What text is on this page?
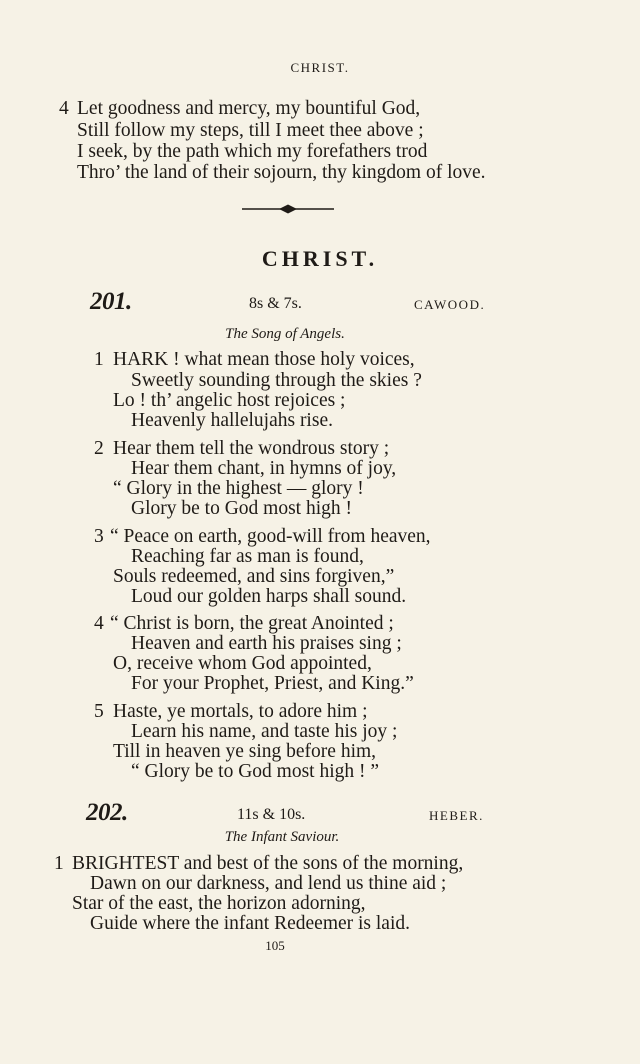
CHRIST.
4 Let goodness and mercy, my bountiful God,
Still follow my steps, till I meet thee above ;
I seek, by the path which my forefathers trod
Thro’ the land of their sojourn, thy kingdom of love.
CHRIST.
201.	8s & 7s.	CAWOOD.
The Song of Angels.
1 HARK ! what mean those holy voices,
Sweetly sounding through the skies ?
Lo ! th’ angelic host rejoices ;
Heavenly hallelujahs rise.
2 Hear them tell the wondrous story ;
Hear them chant, in hymns of joy,
“ Glory in the highest — glory !
Glory be to God most high !
3 “ Peace on earth, good-will from heaven,
Reaching far as man is found,
Souls redeemed, and sins forgiven,”
Loud our golden harps shall sound.
4 “ Christ is born, the great Anointed ;
Heaven and earth his praises sing ;
O, receive whom God appointed,
For your Prophet, Priest, and King.”
5 Haste, ye mortals, to adore him ;
Learn his name, and taste his joy ;
Till in heaven ye sing before him,
“ Glory be to God most high ! ”
202.	11s & 10s.	HEBER.
The Infant Saviour.
1 BRIGHTEST and best of the sons of the morning,
Dawn on our darkness, and lend us thine aid ;
Star of the east, the horizon adorning,
Guide where the infant Redeemer is laid.
105
